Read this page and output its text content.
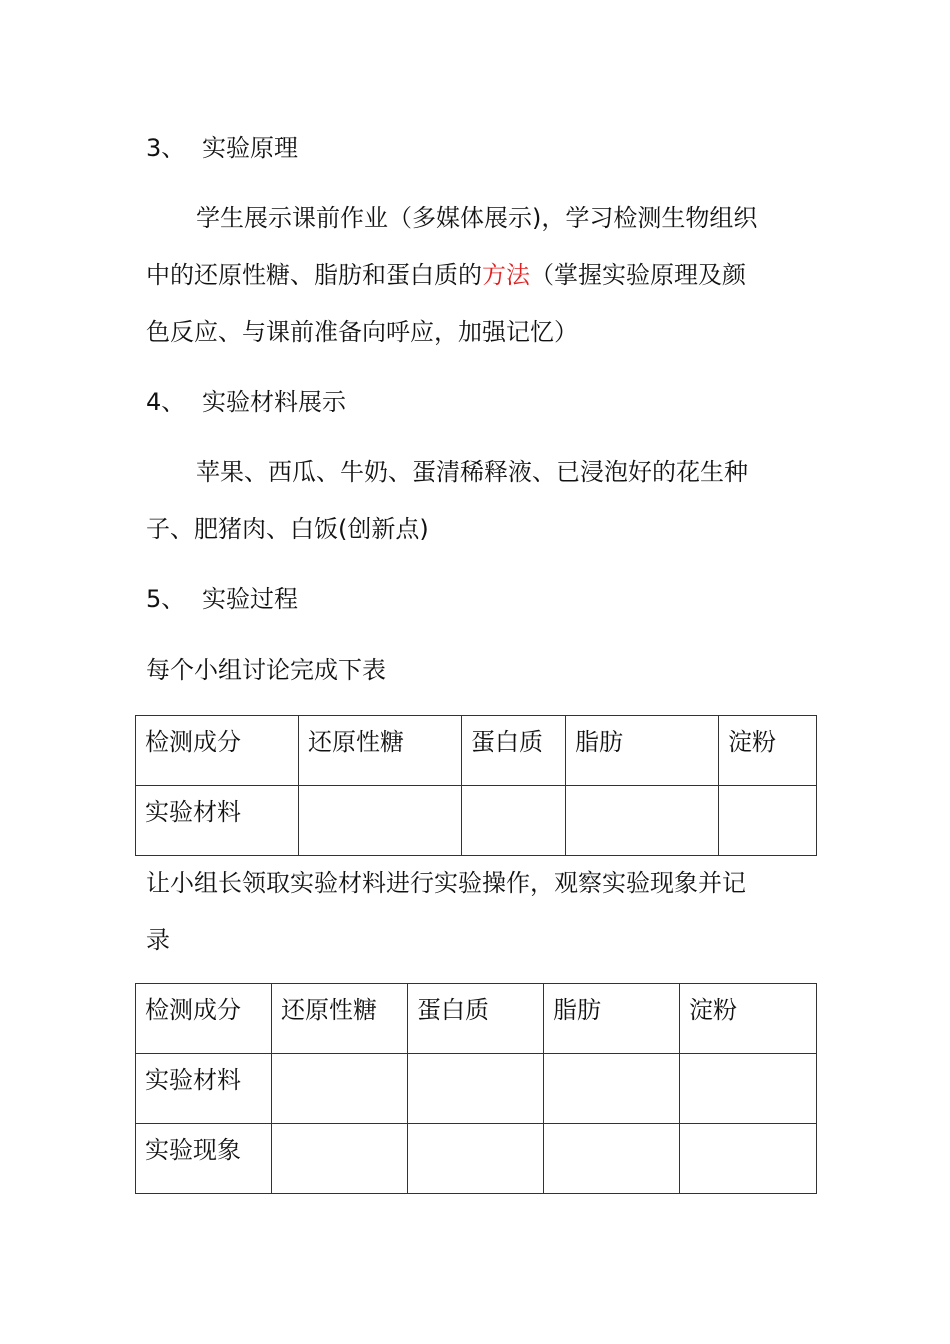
3、 实验原理
学生展示课前作业（多媒体展示)，学习检测生物组织
中的还原性糖、脂肪和蛋白质的方法（掌握实验原理及颜
色反应、与课前准备向呼应，加强记忆）
4、 实验材料展示
苹果、西瓜、牛奶、蛋清稀释液、已浸泡好的花生种
子、肥猪肉、白饭(创新点)
5、 实验过程
每个小组讨论完成下表
检测成分	还原性糖	蛋白质	脂肪	淀粉
实验材料				
让小组长领取实验材料进行实验操作，观察实验现象并记
录
检测成分	还原性糖	蛋白质	脂肪	淀粉
实验材料				
实验现象				
